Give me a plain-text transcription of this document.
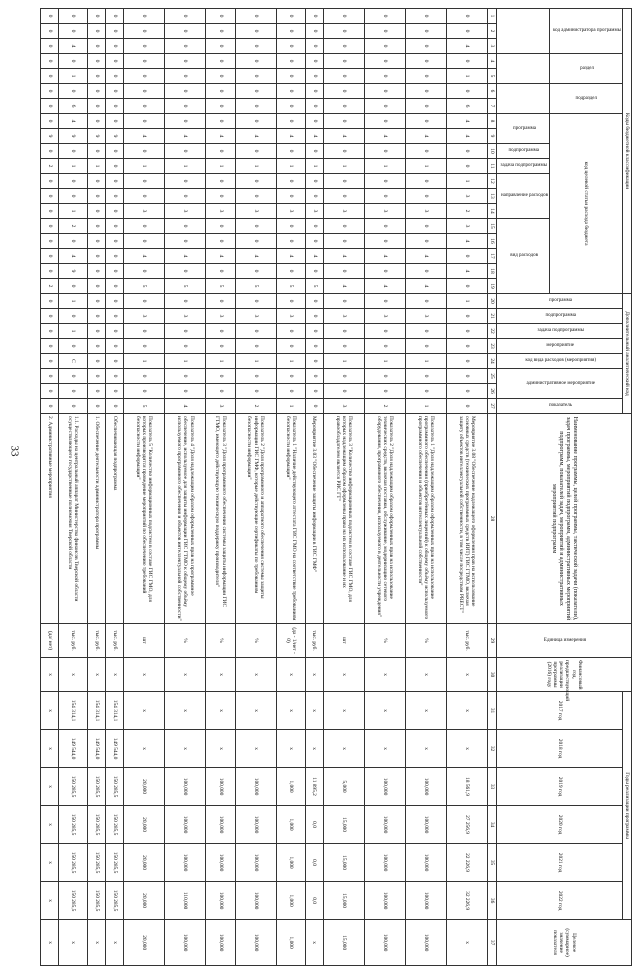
33
Коды бюджетной классификации																			Дополнительный аналитический код								Наименование программы, целей программы, тактической задачи (показатели), задач программы, мероприятий подпрограмм, административных мероприятий подпрограмм, показателей задач, мероприятий и административных мероприятий подпрограмм	Единица измерения	Финансовый год, предшествующий реализации программы (2016) году	Годы реализации программы						Целевое (суммарное) значение показателя
код администратора программы			раздел		подраздел		код целевой статьи расхода бюджета												программа	подпрограмма	задача подпрограммы	мероприятие	код вида расходов (мероприятия)	административное мероприятие		показатель				2017 год	2018 год	2019 год	2020 год	2021 год	2022 год	
							программа		подпрограмма	задача подпрограммы	направление расходов			вид расходов																						
1	2	3	4	5	6	7	8	9	10	11	12	13	14	15	16	17	18	19	20	21	22	23	24	25	26	27	28	29	30	31	32	33	34	35	36	37
0	0	4	0	1	0	6	4	4	0	0	1	3	2	3	4	0	4	0	1	0	0	0	0	0	0	0	Мероприятие 3.08 "Обеспечение надлежащего оформления прав на использование основных средств (технических программных средств ИИТ) ГИС ГТМО, включая защиту объектов интеллектуальной собственности, в том числе посредством PRECT"	тыс. руб.	х	х	х	18 561,9	27 256,9	22 226,9	32 226,9	х
0	0	0	0	0	0	0	0	4	0	1	0	0	3	0	0	4	0	4	0	3	0	0	1	0	0	1	Показатель 1 "Доля надлежащим образом оформленных прав на использование программного обеспечения (приобретённых лицензий) к общему объёму используемого программного обеспечения и объектов интеллектуальной собственности"	%	х	х	х	100,000	100,000	100,000	100,000	100,000
0	0	0	0	0	0	0	0	4	0	1	0	0	3	0	0	4	0	4	0	3	0	0	1	0	0	2	Показатель 2 "Доля надлежащим образом оформленных прав на использование технических средств, включая поставки, обслуживание, модернизацию сетевого оборудования, программного обеспечения, используемого в деятельности учреждения"	%	х	х	х	100,000	100,000	100,000	100,000	100,000
0	0	0	0	0	0	0	0	4	0	1	0	0	3	0	0	4	0	4	0	3	0	0	1	0	0	3	Показатель 3 "Количество информационных подсистем в составе ГИС ГМО, для которых надлежащим образом оформлены права на их использование и их правообладателем является РИС ГТ"	шт	х	х	х	5,000	15,000	15,000	15,000	15,000
0	0	0	0	0	0	0	0	4	0	1	0	0	3	0	0	4	0	5	0	0	0	0	0	0	0	0	Мероприятие 3.03 "Обеспечение защиты информации в ГИС ГМФ"	тыс. руб.	х	х	х	11 895,2	0,0	0,0	0,0	х
0	0	0	0	0	0	0	0	4	0	1	0	0	3	0	0	4	0	5	0	3	0	0	1	0	0	1	Показатель 1 "Наличие действующего аттестата ГИС ГМО на соответствие требованиям безопасности информации"	(да - 1/нет - 0)	х	х	х	1,000	1,000	1,000	1,000	1,000
0	0	0	0	0	0	0	0	4	0	1	0	0	3	0	0	4	0	5	0	3	0	0	1	0	0	2	Показатель 2 "Доля программного и аппаратного обеспечения системы защиты информации ГИС ГМФ, которые действующие сертификаты по требованиям безопасности информации"	%	х	х	х	100,000	100,000	100,000	100,000	100,000
0	0	0	0	0	0	0	0	4	0	1	0	0	3	0	0	4	0	5	0	3	0	0	1	0	0	3	Показатель 3 "Доля программного обеспечения системы защиты информации ГИС ГТМО, имеющего действующую техническую поддержку производителя"	%	х	х	х	100,000	100,000	100,000	100,000	100,000
0	0	0	0	0	0	0	0	4	0	1	0	0	3	0	0	4	0	5	0	3	0	0	1	0	0	4	Показатель 4 "Доля надлежащим образом оформленных прав на программное обеспечение, используемое для защиты информации ГИС ГТМО к общему объёму используемого программного обеспечения и объектов интеллектуальной собственности"	%	х	х	х	100,000	100,000	100,000	110,000	100,000
0	0	0	0	0	0	0	0	4	0	1	0	0	3	0	0	4	0	5	0	3	0	0	1	0	0	5	Показатель 5 "Количество информационных подсистем в составе ГИС ГМО, для которых производится проведение мероприятий по обеспечению требований безопасности информации"	шт	х	х	х	20,000	20,000	20,000	20,000	20,000
0	0	0	0	0	0	0	0	9	0	0	0	0	0	0	0	0	0	0	0	0	0	0	0	0	0	0	Обеспечивающая подпрограмма	тыс. руб.	х	154 314,1	149 544,0	150 285,5	150 285,5	150 285,5	150 285,5	х
0	0	0	0	0	0	0	0	9	0	1	0	0	0	0	0	0	0	0	0	0	0	0	0	0	0	0	1. Обеспечение деятельности администратора программы	тыс. руб.	х	154 314,1	149 544,0	150 285,5	150 285,5	150 285,5	150 285,5	х
0	0	4	0	1	0	6	4	9	0	1	0	0	1	2	0	4	9	0	1	0	1	0	С	0	0	0	1.1. Расходы на центральный аппарат Министерства финансов Тверской области осуществляющего государственные полномочия Тверской области	тыс. руб.	х	154 314,1	149 544,0	150 285,5	150 285,5	150 285,5	150 285,5	х
0	0	0	0	0	0	0	0	9	0	2	0	0	0	0	0	0	0	2	0	0	0	0	0	0	0	0	2. Административные мероприятия	(да/ нет)	х	х	х	х	х	х	х	х
